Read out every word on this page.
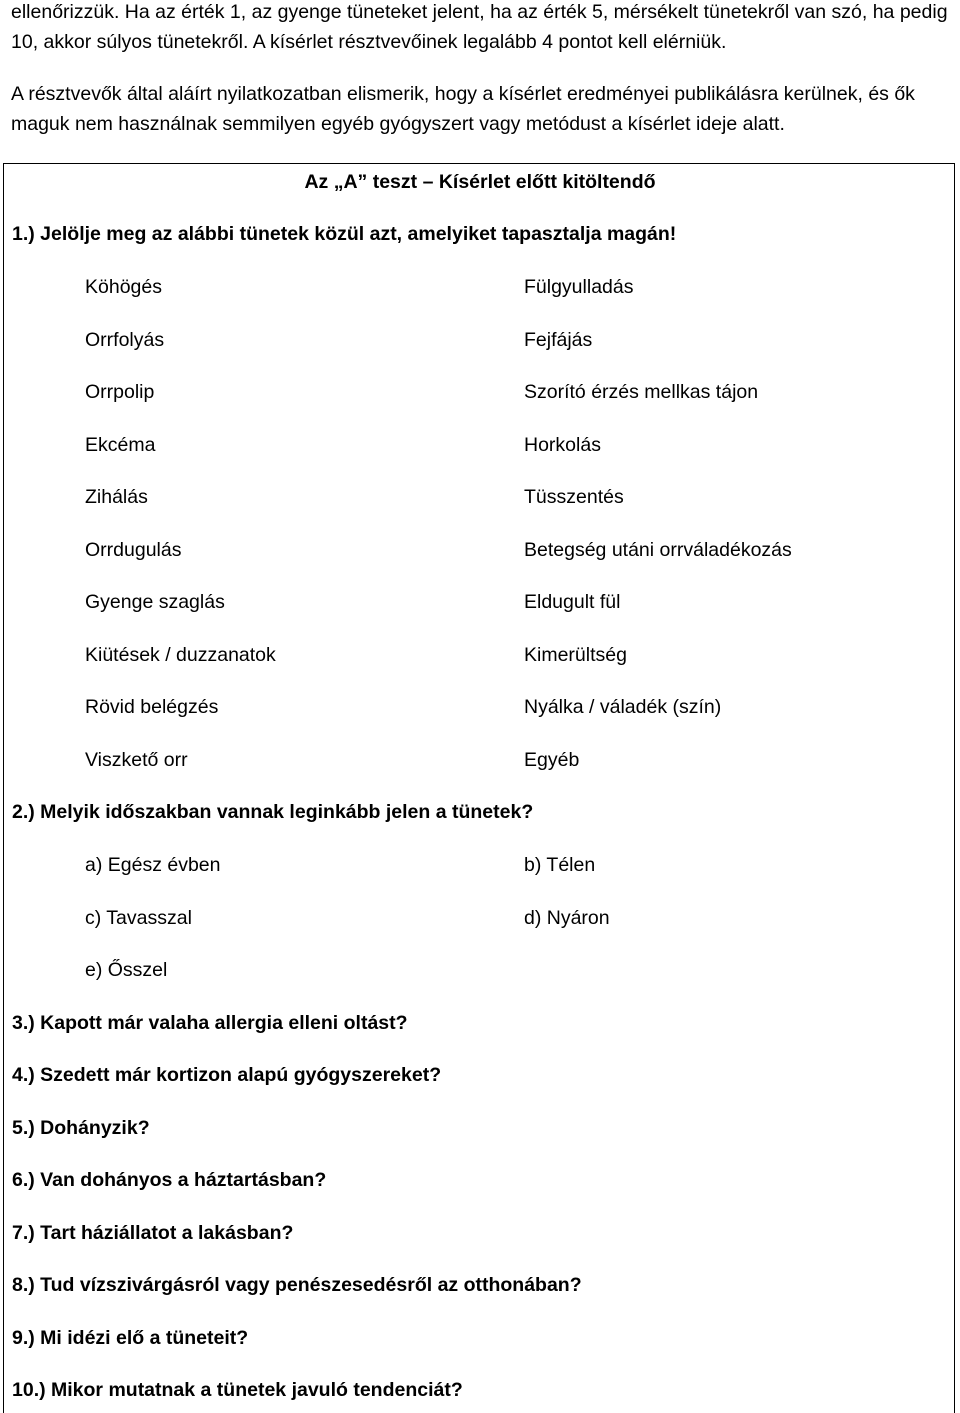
ellenőrizzük. Ha az érték 1, az gyenge tüneteket jelent, ha az érték 5, mérsékelt tünetekről van szó, ha pedig 10, akkor súlyos tünetekről. A kísérlet résztvevőinek legalább 4 pontot kell elérniük.
A résztvevők által aláírt nyilatkozatban elismerik, hogy a kísérlet eredményei publikálásra kerülnek, és ők maguk nem használnak semmilyen egyéb gyógyszert vagy metódust a kísérlet ideje alatt.
Az „A” teszt – Kísérlet előtt kitöltendő
1.) Jelölje meg az alábbi tünetek közül azt, amelyiket tapasztalja magán!
Köhögés
Orrfolyás
Orrpolip
Ekcéma
Zihálás
Orrdugulás
Gyenge szaglás
Kiütések / duzzanatok
Rövid belégzés
Viszkető orr
Fülgyulladás
Fejfájás
Szorító érzés mellkas tájon
Horkolás
Tüsszentés
Betegség utáni orrváladékozás
Eldugult fül
Kimerültség
Nyálka / váladék (szín)
Egyéb
2.) Melyik időszakban vannak leginkább jelen a tünetek?
a) Egész évben	b) Télen
c) Tavasszal	d) Nyáron
e) Ősszel
3.) Kapott már valaha allergia elleni oltást?
4.) Szedett már kortizon alapú gyógyszereket?
5.) Dohányzik?
6.) Van dohányos a háztartásban?
7.) Tart háziállatot a lakásban?
8.) Tud vízszivárgásról vagy penészesedésről az otthonában?
9.) Mi idézi elő a tüneteit?
10.) Mikor mutatnak a tünetek javuló tendenciát?
